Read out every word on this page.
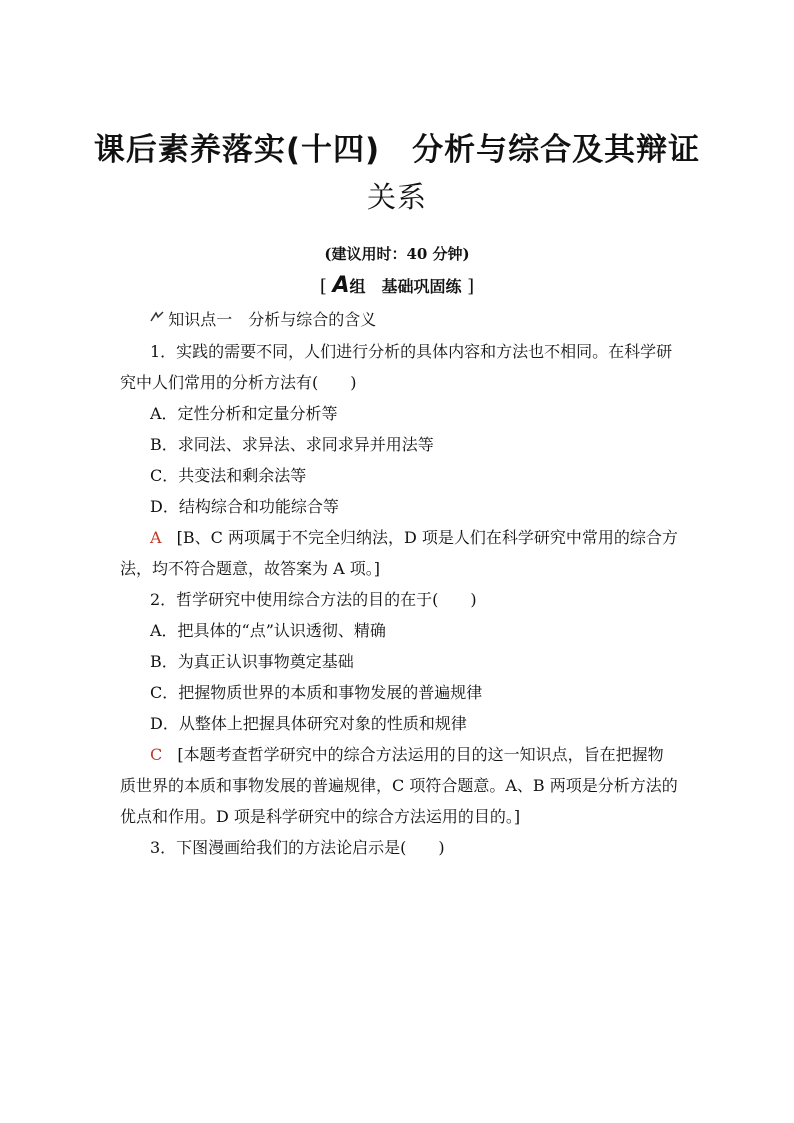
课后素养落实(十四)　分析与综合及其辩证
关系
(建议用时：40 分钟)
[ A组　基础巩固练 ]
知识点一　分析与综合的含义
1．实践的需要不同，人们进行分析的具体内容和方法也不相同。在科学研
究中人们常用的分析方法有(　　)
A．定性分析和定量分析等
B．求同法、求异法、求同求异并用法等
C．共变法和剩余法等
D．结构综合和功能综合等
A [B、C 两项属于不完全归纳法，D 项是人们在科学研究中常用的综合方
法，均不符合题意，故答案为 A 项。]
2．哲学研究中使用综合方法的目的在于(　　)
A．把具体的“点”认识透彻、精确
B．为真正认识事物奠定基础
C．把握物质世界的本质和事物发展的普遍规律
D．从整体上把握具体研究对象的性质和规律
C [本题考查哲学研究中的综合方法运用的目的这一知识点，旨在把握物
质世界的本质和事物发展的普遍规律，C 项符合题意。A、B 两项是分析方法的
优点和作用。D 项是科学研究中的综合方法运用的目的。]
3．下图漫画给我们的方法论启示是(　　)
